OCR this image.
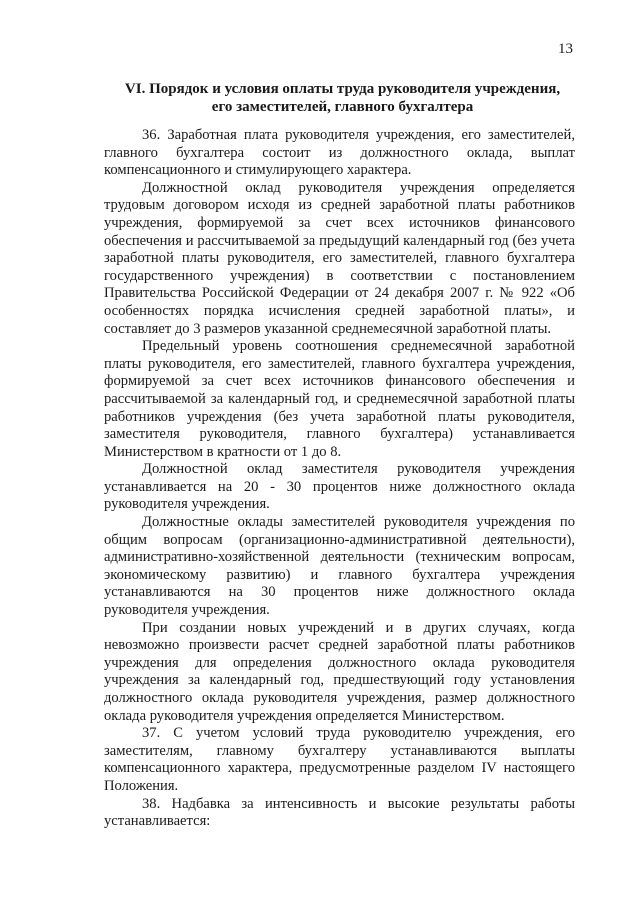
13
VI. Порядок и условия оплаты труда руководителя учреждения,
его заместителей, главного бухгалтера

36. Заработная плата руководителя учреждения, его заместителей, главного бухгалтера состоит из должностного оклада, выплат компенсационного и стимулирующего характера.

Должностной оклад руководителя учреждения определяется трудовым договором исходя из средней заработной платы работников учреждения, формируемой за счет всех источников финансового обеспечения и рассчитываемой за предыдущий календарный год (без учета заработной платы руководителя, его заместителей, главного бухгалтера государственного учреждения) в соответствии с постановлением Правительства Российской Федерации от 24 декабря 2007 г. № 922 «Об особенностях порядка исчисления средней заработной платы», и составляет до 3 размеров указанной среднемесячной заработной платы.

Предельный уровень соотношения среднемесячной заработной платы руководителя, его заместителей, главного бухгалтера учреждения, формируемой за счет всех источников финансового обеспечения и рассчитываемой за календарный год, и среднемесячной заработной платы работников учреждения (без учета заработной платы руководителя, заместителя руководителя, главного бухгалтера) устанавливается Министерством в кратности от 1 до 8.

Должностной оклад заместителя руководителя учреждения устанавливается на 20 - 30 процентов ниже должностного оклада руководителя учреждения.

Должностные оклады заместителей руководителя учреждения по общим вопросам (организационно-административной деятельности), административно-хозяйственной деятельности (техническим вопросам, экономическому развитию) и главного бухгалтера учреждения устанавливаются на 30 процентов ниже должностного оклада руководителя учреждения.

При создании новых учреждений и в других случаях, когда невозможно произвести расчет средней заработной платы работников учреждения для определения должностного оклада руководителя учреждения за календарный год, предшествующий году установления должностного оклада руководителя учреждения, размер должностного оклада руководителя учреждения определяется Министерством.

37. С учетом условий труда руководителю учреждения, его заместителям, главному бухгалтеру устанавливаются выплаты компенсационного характера, предусмотренные разделом IV настоящего Положения.

38. Надбавка за интенсивность и высокие результаты работы устанавливается:
